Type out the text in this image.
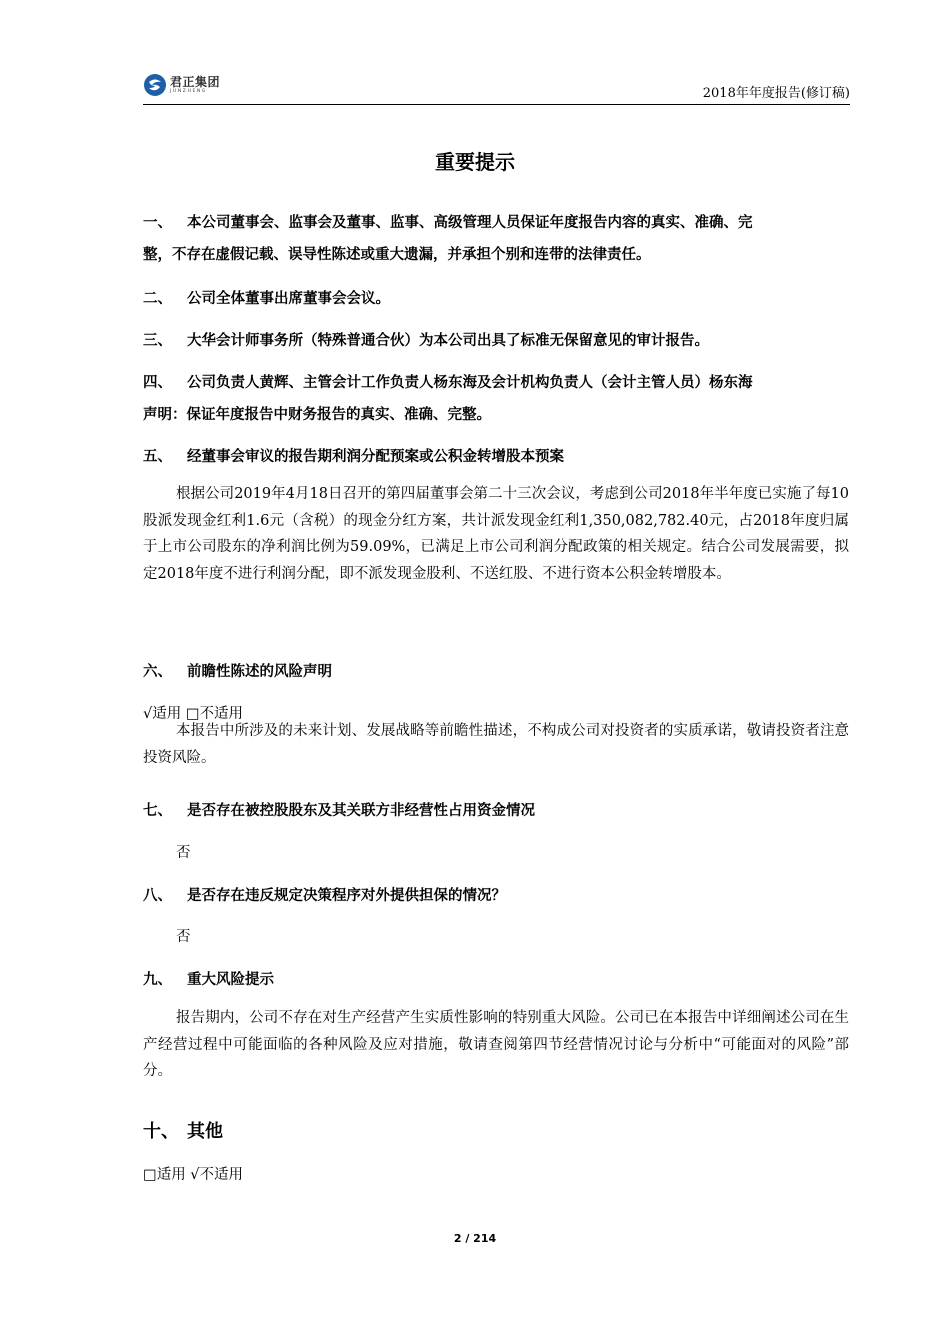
君正集团
JUNZHENG	2018年年度报告(修订稿)
重要提示
一、 本公司董事会、监事会及董事、监事、高级管理人员保证年度报告内容的真实、准确、完
整，不存在虚假记载、误导性陈述或重大遗漏，并承担个别和连带的法律责任。
二、 公司全体董事出席董事会会议。
三、 大华会计师事务所（特殊普通合伙）为本公司出具了标准无保留意见的审计报告。
四、 公司负责人黄辉、主管会计工作负责人杨东海及会计机构负责人（会计主管人员）杨东海
声明：保证年度报告中财务报告的真实、准确、完整。
五、 经董事会审议的报告期利润分配预案或公积金转增股本预案
根据公司2019年4月18日召开的第四届董事会第二十三次会议，考虑到公司2018年半年度已实施了每10股派发现金红利1.6元（含税）的现金分红方案，共计派发现金红利1,350,082,782.40元，占2018年度归属于上市公司股东的净利润比例为59.09%，已满足上市公司利润分配政策的相关规定。结合公司发展需要，拟定2018年度不进行利润分配，即不派发现金股利、不送红股、不进行资本公积金转增股本。
六、 前瞻性陈述的风险声明
√适用 □不适用
本报告中所涉及的未来计划、发展战略等前瞻性描述，不构成公司对投资者的实质承诺，敬请投资者注意投资风险。
七、 是否存在被控股股东及其关联方非经营性占用资金情况
否
八、 是否存在违反规定决策程序对外提供担保的情况？
否
九、 重大风险提示
报告期内，公司不存在对生产经营产生实质性影响的特别重大风险。公司已在本报告中详细阐述公司在生产经营过程中可能面临的各种风险及应对措施，敬请查阅第四节经营情况讨论与分析中“可能面对的风险”部分。
十、 其他
□适用 √不适用
2 / 214
